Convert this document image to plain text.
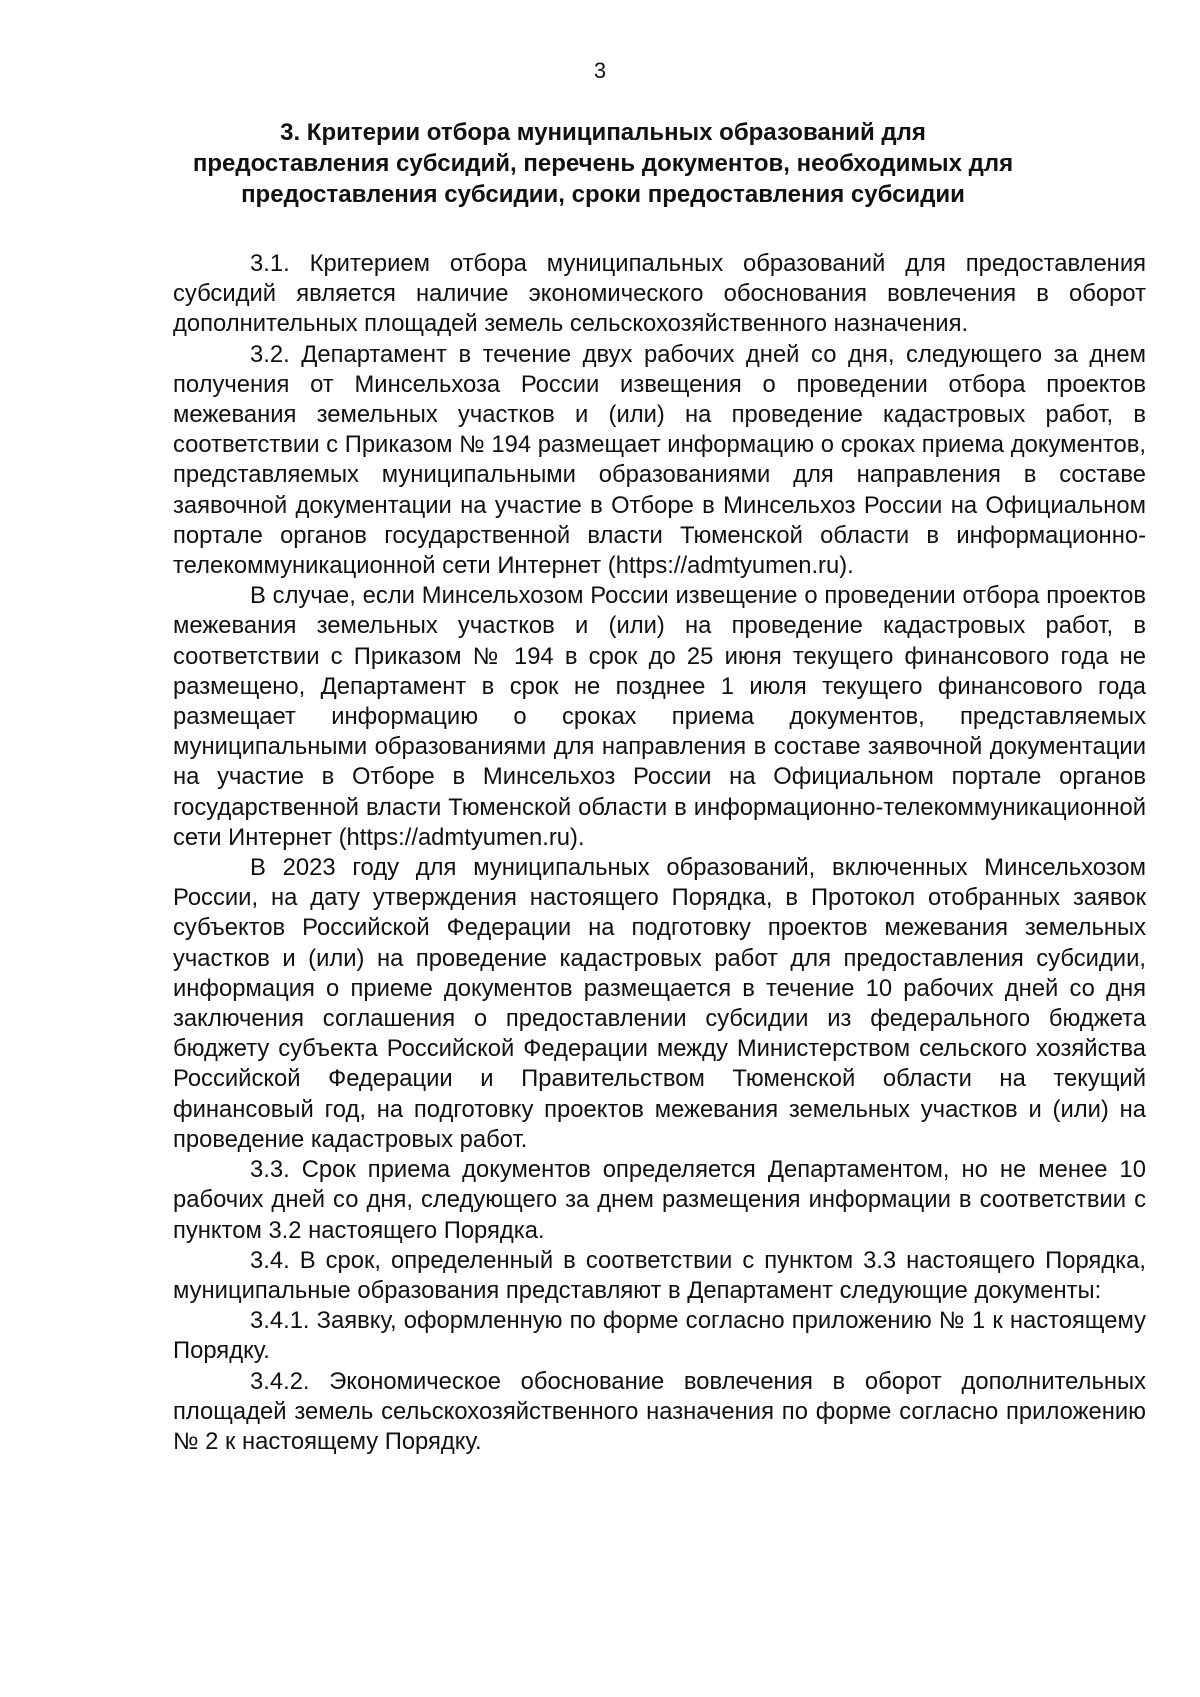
3
3. Критерии отбора муниципальных образований для
предоставления субсидий, перечень документов, необходимых для
предоставления субсидии, сроки предоставления субсидии

3.1. Критерием отбора муниципальных образований для предоставления субсидий является наличие экономического обоснования вовлечения в оборот дополнительных площадей земель сельскохозяйственного назначения.

3.2. Департамент в течение двух рабочих дней со дня, следующего за днем получения от Минсельхоза России извещения о проведении отбора проектов межевания земельных участков и (или) на проведение кадастровых работ, в соответствии с Приказом № 194 размещает информацию о сроках приема документов, представляемых муниципальными образованиями для направления в составе заявочной документации на участие в Отборе в Минсельхоз России на Официальном портале органов государственной власти Тюменской области в информационно-телекоммуникационной сети Интернет (https://admtyumen.ru).

В случае, если Минсельхозом России извещение о проведении отбора проектов межевания земельных участков и (или) на проведение кадастровых работ, в соответствии с Приказом № 194 в срок до 25 июня текущего финансового года не размещено, Департамент в срок не позднее 1 июля текущего финансового года размещает информацию о сроках приема документов, представляемых муниципальными образованиями для направления в составе заявочной документации на участие в Отборе в Минсельхоз России на Официальном портале органов государственной власти Тюменской области в информационно-телекоммуникационной сети Интернет (https://admtyumen.ru).

В 2023 году для муниципальных образований, включенных Минсельхозом России, на дату утверждения настоящего Порядка, в Протокол отобранных заявок субъектов Российской Федерации на подготовку проектов межевания земельных участков и (или) на проведение кадастровых работ для предоставления субсидии, информация о приеме документов размещается в течение 10 рабочих дней со дня заключения соглашения о предоставлении субсидии из федерального бюджета бюджету субъекта Российской Федерации между Министерством сельского хозяйства Российской Федерации и Правительством Тюменской области на текущий финансовый год, на подготовку проектов межевания земельных участков и (или) на проведение кадастровых работ.

3.3. Срок приема документов определяется Департаментом, но не менее 10 рабочих дней со дня, следующего за днем размещения информации в соответствии с пунктом 3.2 настоящего Порядка.

3.4. В срок, определенный в соответствии с пунктом 3.3 настоящего Порядка, муниципальные образования представляют в Департамент следующие документы:

3.4.1. Заявку, оформленную по форме согласно приложению № 1 к настоящему Порядку.

3.4.2. Экономическое обоснование вовлечения в оборот дополнительных площадей земель сельскохозяйственного назначения по форме согласно приложению № 2 к настоящему Порядку.
